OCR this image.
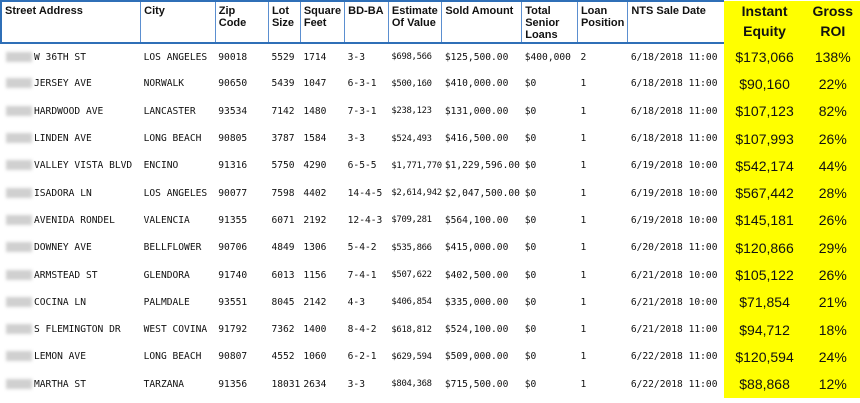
Street Address	City	Zip Code	Lot Size	Square Feet	BD-BA	Estimate Of Value	Sold Amount	Total Senior Loans	Loan Position	NTS Sale Date	Instant Equity	Gross ROI
W 36TH ST	LOS ANGELES	90018	5529	1714	3-3	$698,566	$125,500.00	$400,000	2	6/18/2018 11:00	$173,066	138%
JERSEY AVE	NORWALK	90650	5439	1047	6-3-1	$500,160	$410,000.00	$0	1	6/18/2018 11:00	$90,160	22%
HARDWOOD AVE	LANCASTER	93534	7142	1480	7-3-1	$238,123	$131,000.00	$0	1	6/18/2018 11:00	$107,123	82%
LINDEN AVE	LONG BEACH	90805	3787	1584	3-3	$524,493	$416,500.00	$0	1	6/18/2018 11:00	$107,993	26%
VALLEY VISTA BLVD	ENCINO	91316	5750	4290	6-5-5	$1,771,770	$1,229,596.00	$0	1	6/19/2018 10:00	$542,174	44%
ISADORA LN	LOS ANGELES	90077	7598	4402	14-4-5	$2,614,942	$2,047,500.00	$0	1	6/19/2018 10:00	$567,442	28%
AVENIDA RONDEL	VALENCIA	91355	6071	2192	12-4-3	$709,281	$564,100.00	$0	1	6/19/2018 10:00	$145,181	26%
DOWNEY AVE	BELLFLOWER	90706	4849	1306	5-4-2	$535,866	$415,000.00	$0	1	6/20/2018 11:00	$120,866	29%
ARMSTEAD ST	GLENDORA	91740	6013	1156	7-4-1	$507,622	$402,500.00	$0	1	6/21/2018 10:00	$105,122	26%
COCINA LN	PALMDALE	93551	8045	2142	4-3	$406,854	$335,000.00	$0	1	6/21/2018 10:00	$71,854	21%
S FLEMINGTON DR	WEST COVINA	91792	7362	1400	8-4-2	$618,812	$524,100.00	$0	1	6/21/2018 11:00	$94,712	18%
LEMON AVE	LONG BEACH	90807	4552	1060	6-2-1	$629,594	$509,000.00	$0	1	6/22/2018 11:00	$120,594	24%
MARTHA ST	TARZANA	91356	18031	2634	3-3	$804,368	$715,500.00	$0	1	6/22/2018 11:00	$88,868	12%
